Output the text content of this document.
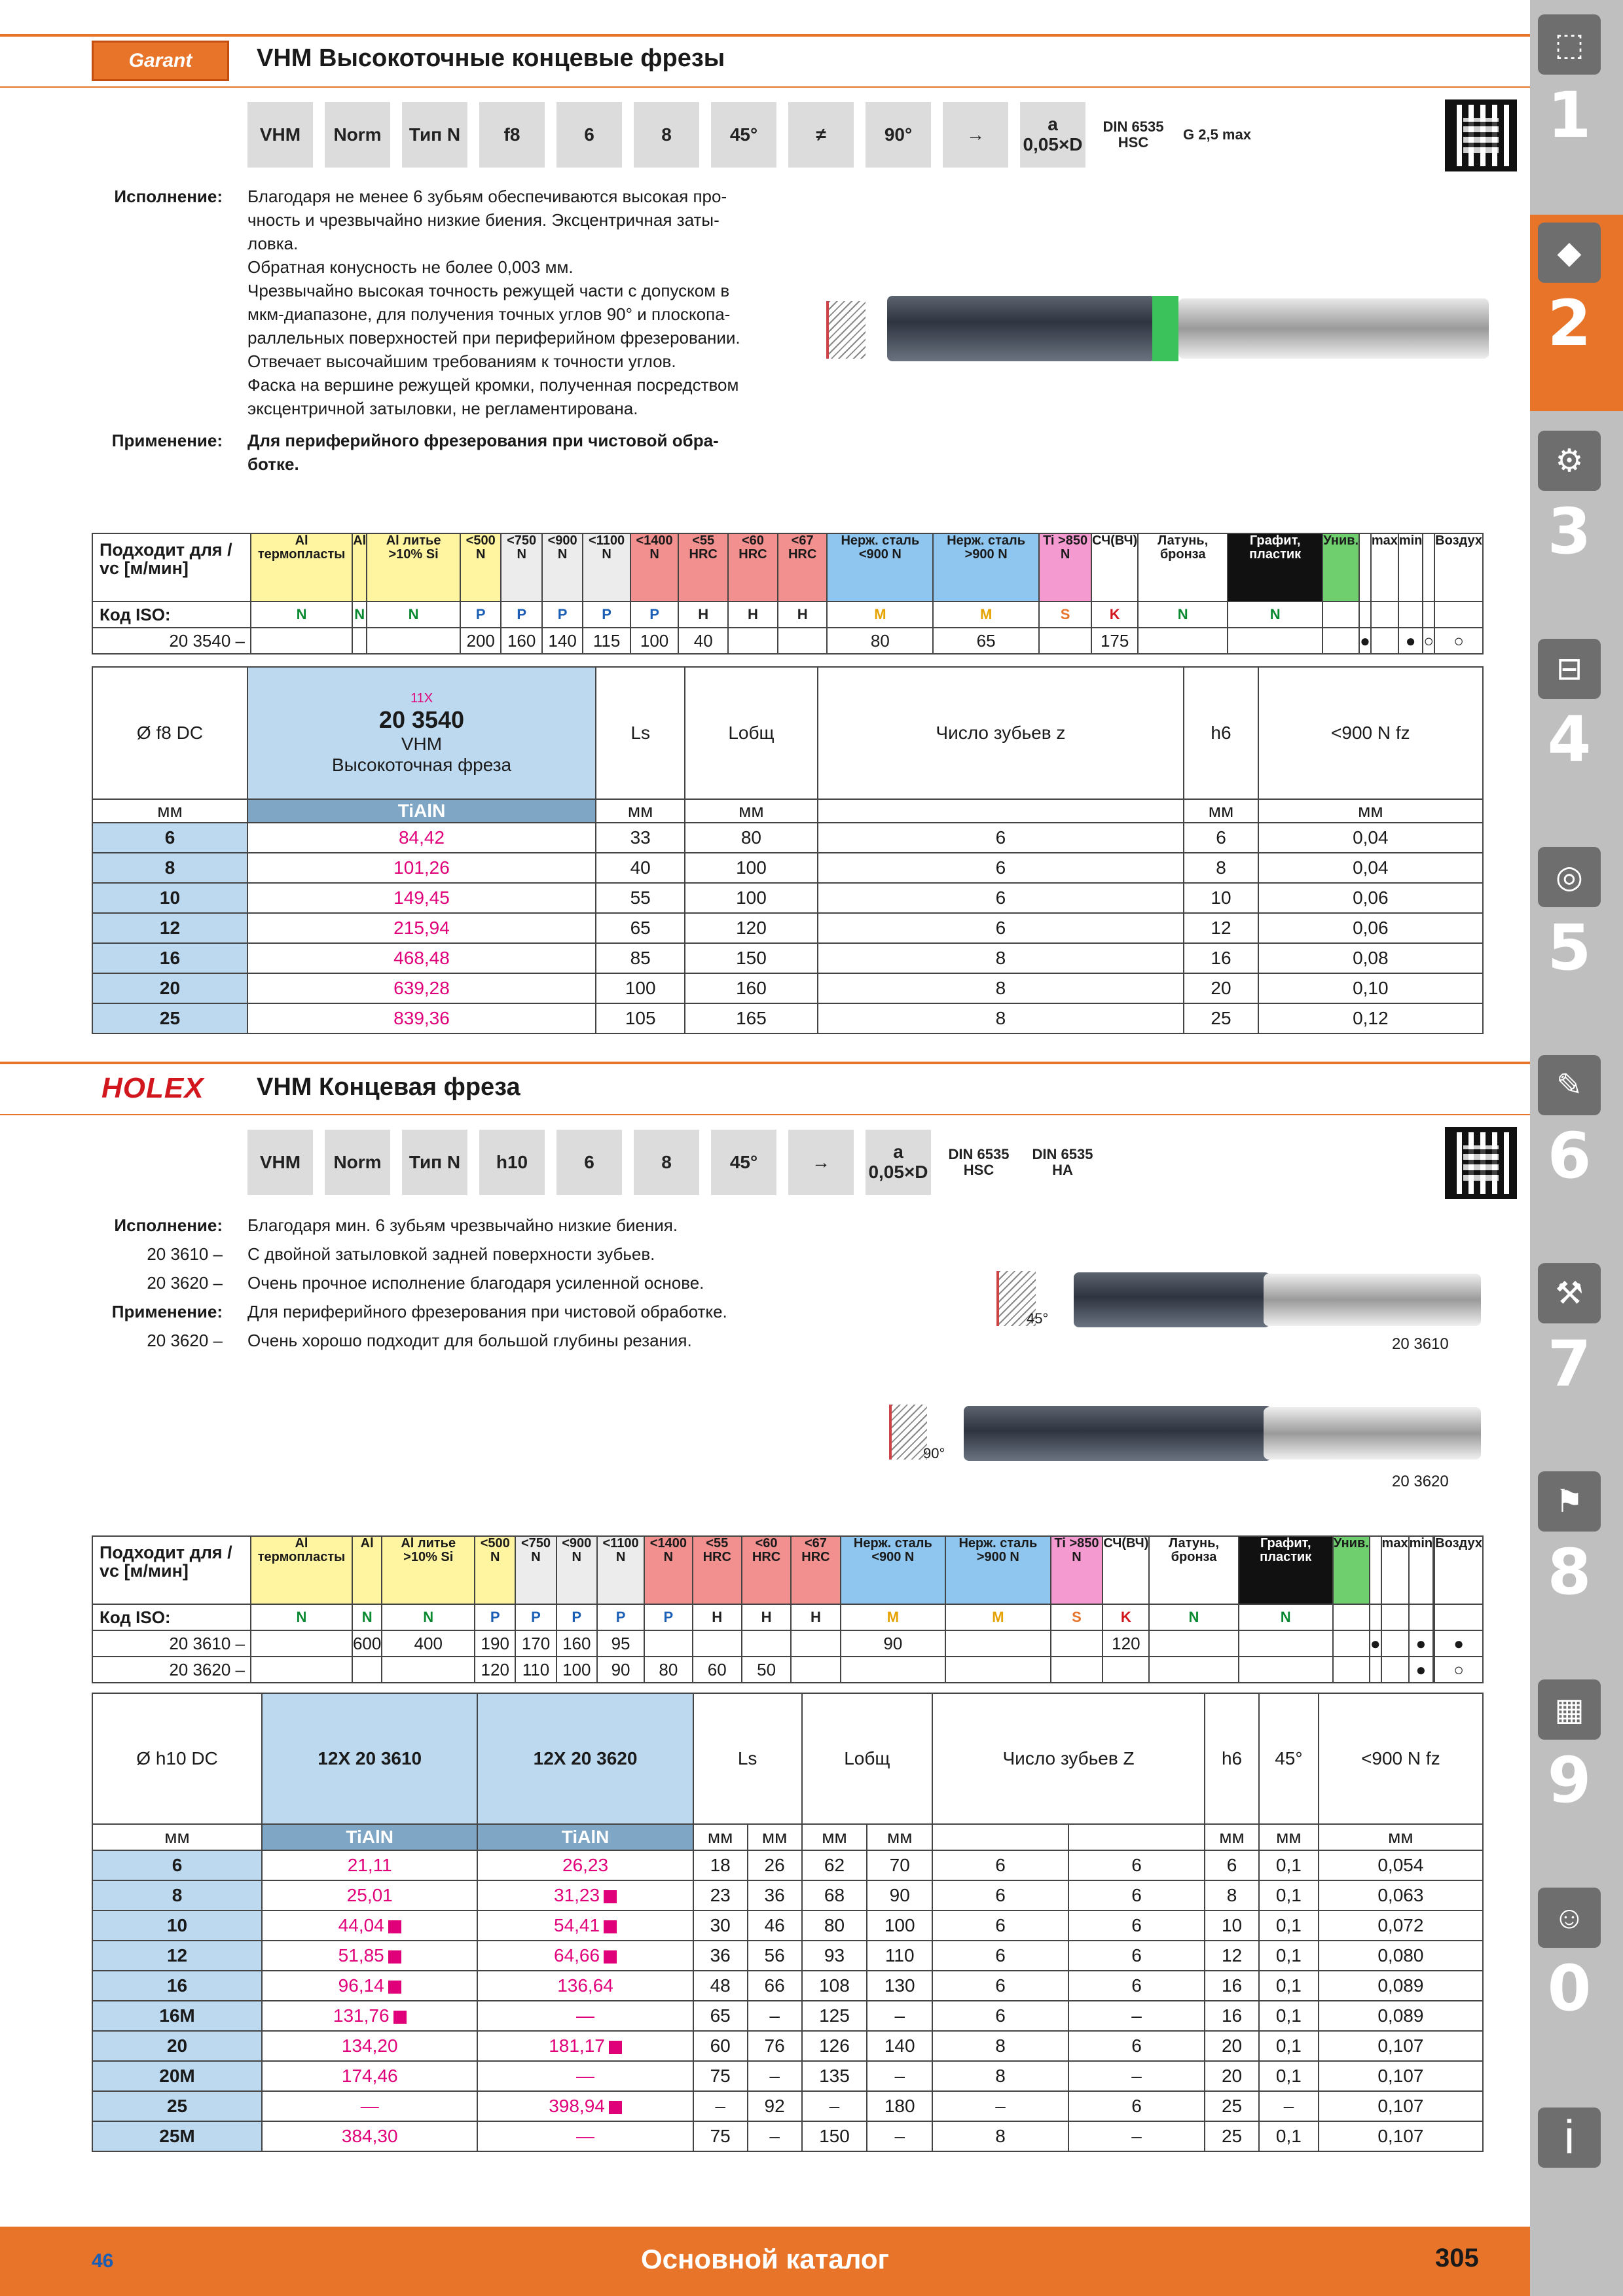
Garant	VHM Высокоточные концевые фрезы
VHM	Norm	Тип N	f8	6	8	45°	≠	90°	→	a 0,05×D
DIN 6535 HSC	G 2,5 max
Исполнение: Благодаря не менее 6 зубьям обеспечиваются высокая про-
чность и чрезвычайно низкие биения. Эксцентричная заты-
ловка.
Обратная конусность не более 0,003 мм.
Чрезвычайно высокая точность режущей части с допуском в
мкм-диапазоне, для получения точных углов 90° и плоскопа-
раллельных поверхностей при периферийном фрезеровании.
Отвечает высочайшим требованиям к точности углов.
Фаска на вершине режущей кромки, полученная посредством
эксцентричной затыловки, не регламентирована.
Применение: Для периферийного фрезерования при чистовой обра-
ботке.
Подходит для / vc [м/мин]	Al термопласты	Al	Al литье >10% Si	<500 N	<750 N	<900 N	<1100 N	<1400 N	<55 HRC	<60 HRC	<67 HRC	Нерж. сталь <900 N	Нерж. сталь >900 N	Ti >850 N	СЧ(ВЧ)	Латунь, бронза	Графит, пластик	Унив.		max	min		Воздух
Код ISO:	N	N	N	P	P	P	P	P	H	H	H	M	M	S	K	N	N						
20 3540 –				200	160	140	115	100	40			80	65		175				●		●	○	○
Ø f8 DC	11X
20 3540
VHM
Высокоточная фреза	Ls	Lобщ	Число зубьев z	h6	<900 N fz
мм	TiAlN	мм	мм		мм	мм
6	84,42	33	80	6	6	0,04
8	101,26	40	100	6	8	0,04
10	149,45	55	100	6	10	0,06
12	215,94	65	120	6	12	0,06
16	468,48	85	150	8	16	0,08
20	639,28	100	160	8	20	0,10
25	839,36	105	165	8	25	0,12
HOLEX VHM Концевая фреза
VHM	Norm	Тип N	h10	6	8	45°	→	a 0,05×D
DIN 6535 HSC
DIN 6535 HA
Исполнение: Благодаря мин. 6 зубьям чрезвычайно низкие биения.
20 3610 – С двойной затыловкой задней поверхности зубьев.
20 3620 – Очень прочное исполнение благодаря усиленной основе.
Применение: Для периферийного фрезерования при чистовой обработке.
20 3620 – Очень хорошо подходит для большой глубины резания.
45°
20 3610
90°
20 3620
Подходит для / vc [м/мин]	Al термопласты	Al	Al литье >10% Si	<500 N	<750 N	<900 N	<1100 N	<1400 N	<55 HRC	<60 HRC	<67 HRC	Нерж. сталь <900 N	Нерж. сталь >900 N	Ti >850 N	СЧ(ВЧ)	Латунь, бронза	Графит, пластик	Унив.		max	min		Воздух
Код ISO:	N	N	N	P	P	P	P	P	H	H	H	M	M	S	K	N	N						
20 3610 –		600	400	190	170	160	95					90			120				●		●		●
20 3620 –				120	110	100	90	80	60	50											●		○
Ø h10 DC	12X 20 3610	12X 20 3620	Ls		Lобщ		Число зубьев Z		h6	45°	<900 N fz
мм	TiAlN	TiAlN	мм	мм	мм	мм			мм	мм	мм
6	21,11	26,23	18	26	62	70	6	6	6	0,1	0,054
8	25,01	31,23	23	36	68	90	6	6	8	0,1	0,063
10	44,04	54,41	30	46	80	100	6	6	10	0,1	0,072
12	51,85	64,66	36	56	93	110	6	6	12	0,1	0,080
16	96,14	136,64	48	66	108	130	6	6	16	0,1	0,089
16M	131,76	—	65	–	125	–	6	–	16	0,1	0,089
20	134,20	181,17	60	76	126	140	8	6	20	0,1	0,107
20M	174,46	—	75	–	135	–	8	–	20	0,1	0,107
25	—	398,94	–	92	–	180	–	6	25	–	0,107
25M	384,30	—	75	–	150	–	8	–	25	0,1	0,107
46	Основной каталог	305
⬚
1
◆
2
⚙
3
⊟
4
◎
5
✎
6
⚒
7
⚑
8
▦
9
☺
0
i
